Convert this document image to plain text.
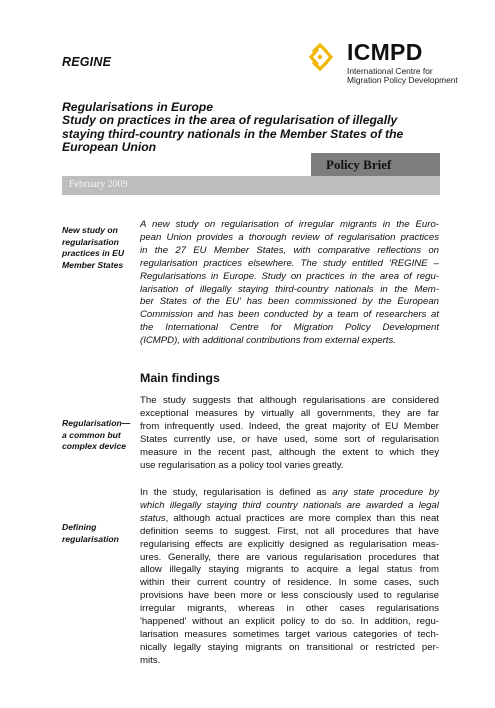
REGINE	ICMPD
International Centre for
Migration Policy Development
Regularisations in Europe
Study on practices in the area of regularisation of illegally
staying third-country nationals in the Member States of the
European Union
Policy Brief
February 2009
New study on
regularisation
practices in EU
Member States
A new study on regularisation of irregular migrants in the Euro-
pean Union provides a thorough review of regularisation practices
in the 27 EU Member States, with comparative reflections on
regularisation practices elsewhere. The study entitled 'REGINE –
Regularisations in Europe. Study on practices in the area of regu-
larisation of illegally staying third-country nationals in the Mem-
ber States of the EU' has been commissioned by the European
Commission and has been conducted by a team of researchers at
the International Centre for Migration Policy Development
(ICMPD), with additional contributions from external experts.
Main findings
Regularisation—
a common but
complex device
The study suggests that although regularisations are considered
exceptional measures by virtually all governments, they are far
from infrequently used. Indeed, the great majority of EU Member
States currently use, or have used, some sort of regularisation
measure in the recent past, although the extent to which they
use regularisation as a policy tool varies greatly.
Defining
regularisation
In the study, regularisation is defined as any state procedure by
which illegally staying third country nationals are awarded a legal
status, although actual practices are more complex than this neat
definition seems to suggest. First, not all procedures that have
regularising effects are explicitly designed as regularisation meas-
ures. Generally, there are various regularisation procedures that
allow illegally staying migrants to acquire a legal status from
within their current country of residence. In some cases, such
provisions have been more or less consciously used to regularise
irregular migrants, whereas in other cases regularisations
'happened' without an explicit policy to do so. In addition, regu-
larisation measures sometimes target various categories of tech-
nically legally staying migrants on transitional or restricted per-
mits.
